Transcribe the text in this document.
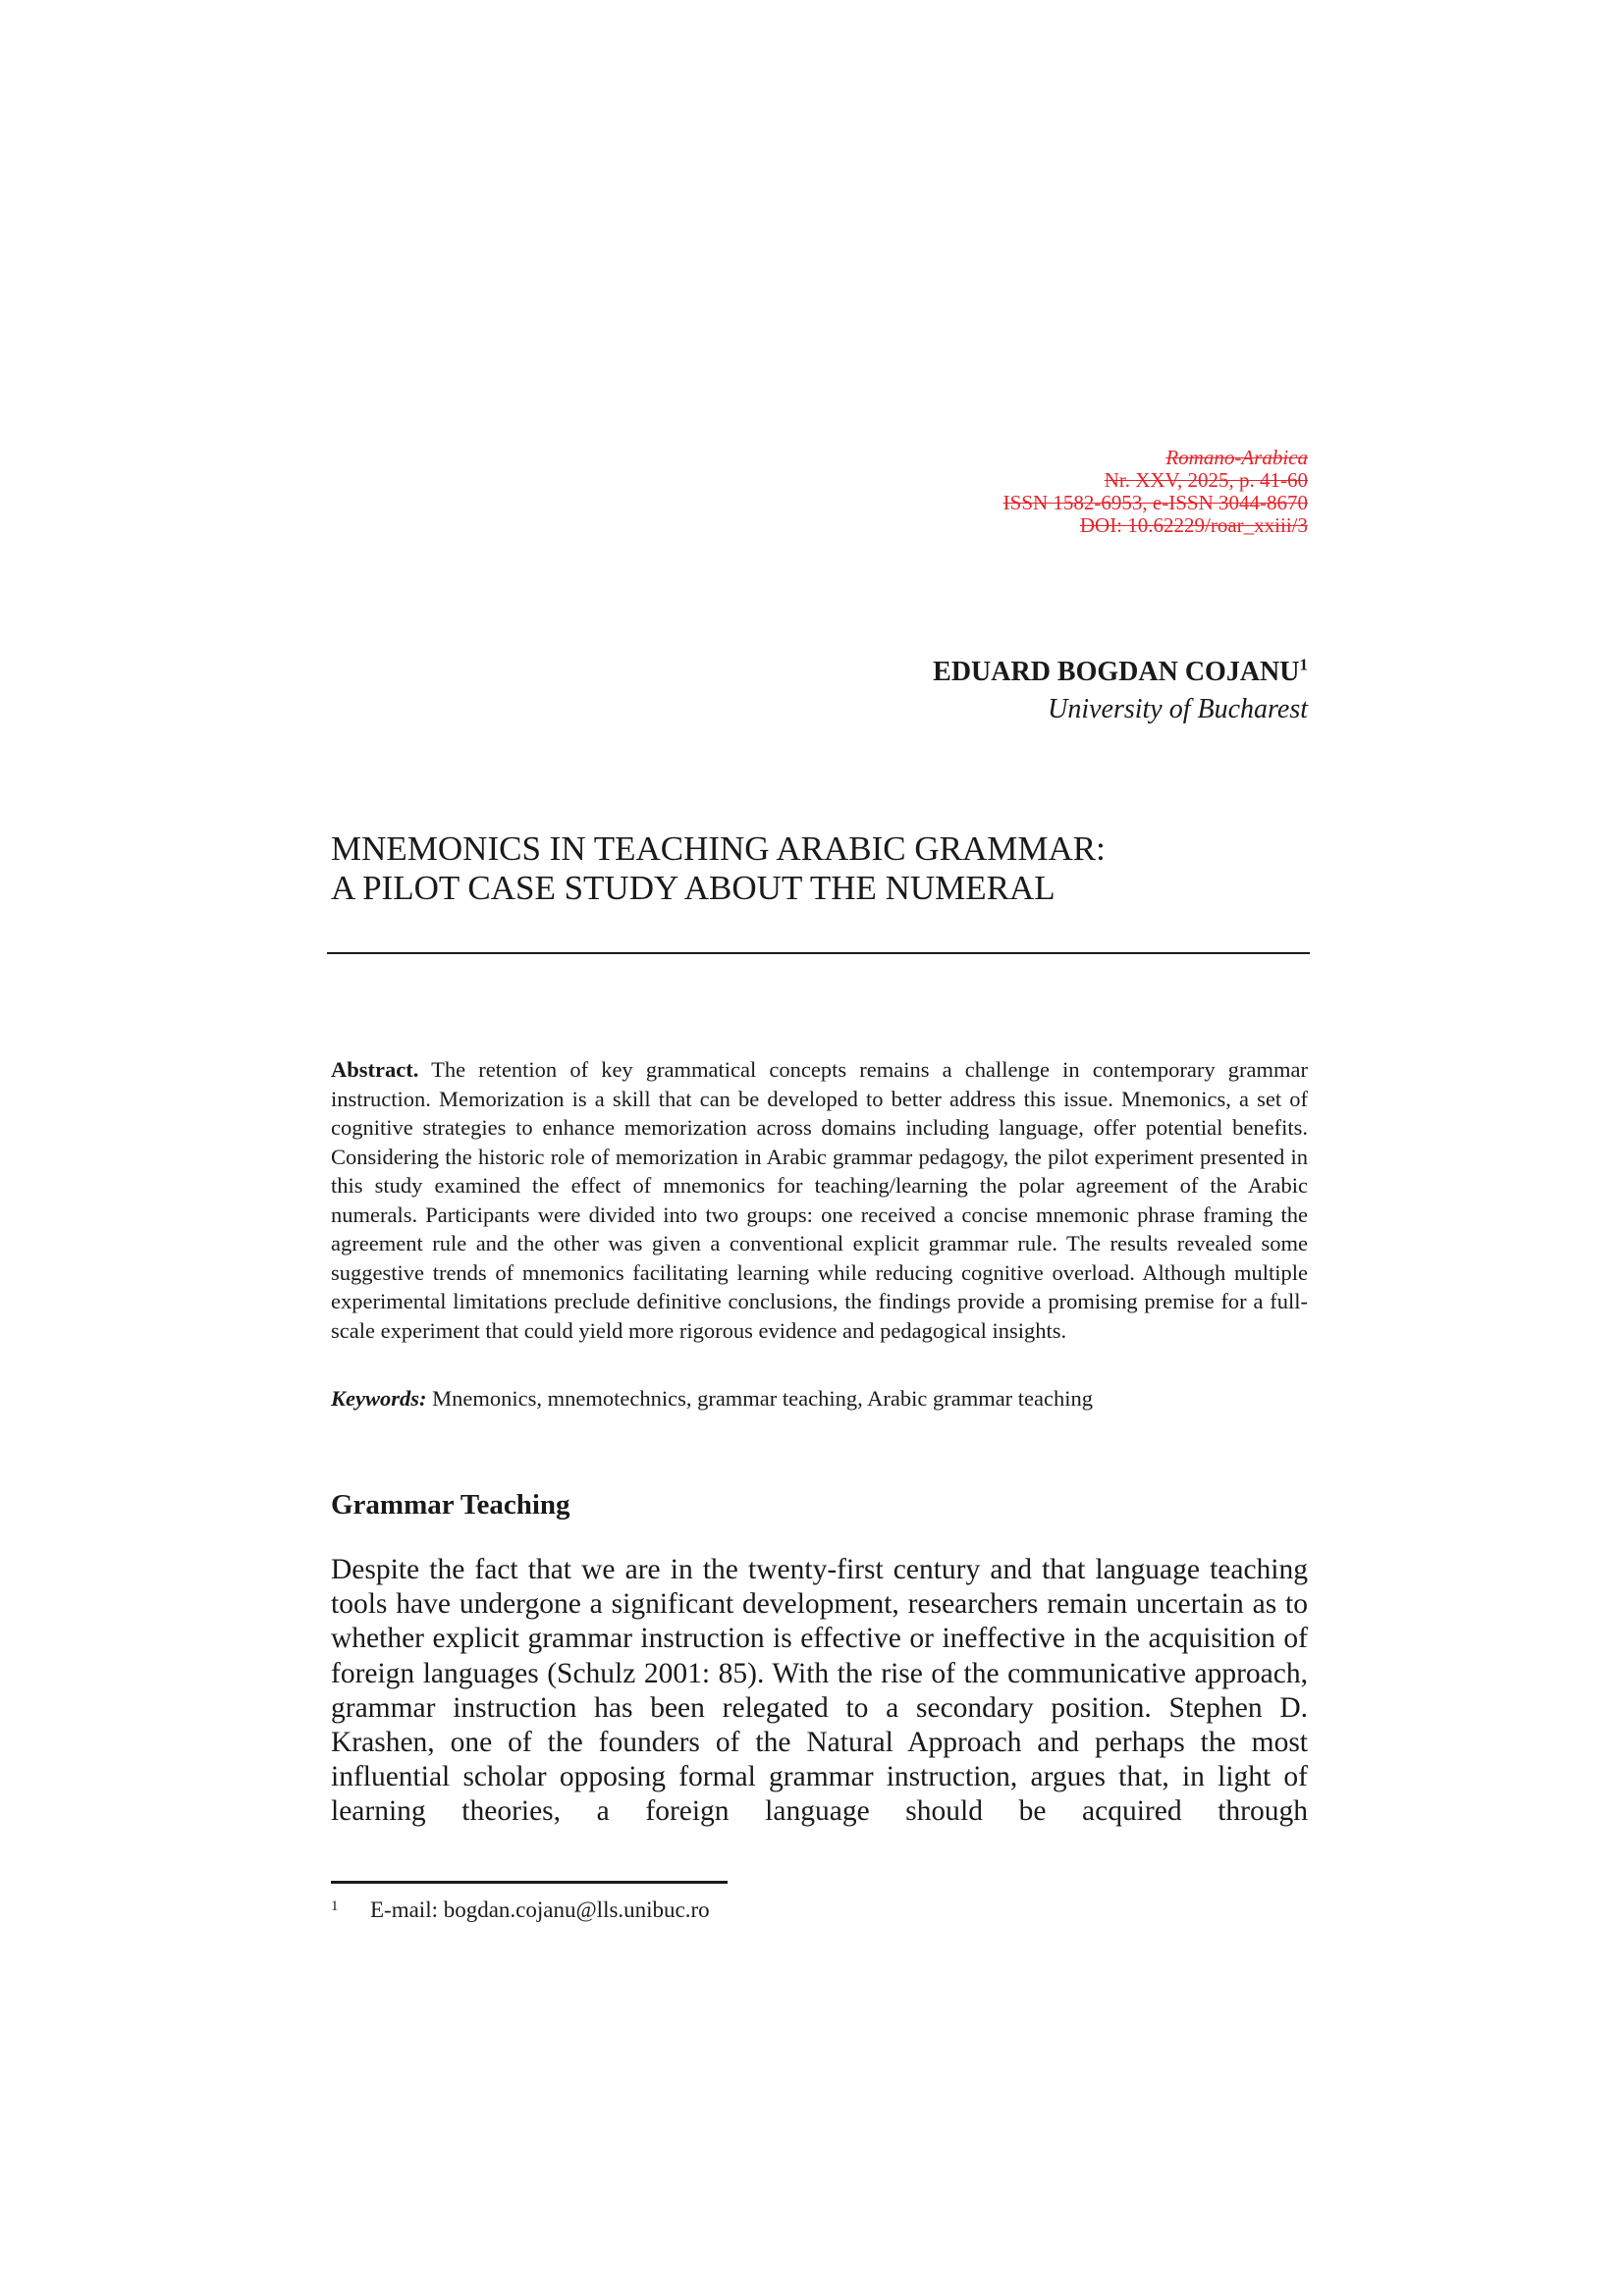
Romano-Arabica
Nr. XXV, 2025, p. 41-60
ISSN 1582-6953, e-ISSN 3044-8670
DOI: 10.62229/roar_xxiii/3
EDUARD BOGDAN COJANU$^1$
University of Bucharest
MNEMONICS IN TEACHING ARABIC GRAMMAR:
A PILOT CASE STUDY ABOUT THE NUMERAL
Abstract. The retention of key grammatical concepts remains a challenge in contemporary grammar instruction. Memorization is a skill that can be developed to better address this issue. Mnemonics, a set of cognitive strategies to enhance memorization across domains including language, offer potential benefits. Considering the historic role of memorization in Arabic grammar pedagogy, the pilot experiment presented in this study examined the effect of mnemonics for teaching/learning the polar agreement of the Arabic numerals. Participants were divided into two groups: one received a concise mnemonic phrase framing the agreement rule and the other was given a conventional explicit grammar rule. The results revealed some suggestive trends of mnemonics facilitating learning while reducing cognitive overload. Although multiple experimental limitations preclude definitive conclusions, the findings provide a promising premise for a full-scale experiment that could yield more rigorous evidence and pedagogical insights.
Keywords: Mnemonics, mnemotechnics, grammar teaching, Arabic grammar teaching
Grammar Teaching
Despite the fact that we are in the twenty-first century and that language teaching tools have undergone a significant development, researchers remain uncertain as to whether explicit grammar instruction is effective or ineffective in the acquisition of foreign languages (Schulz 2001: 85). With the rise of the communicative approach, grammar instruction has been relegated to a secondary position. Stephen D. Krashen, one of the founders of the Natural Approach and perhaps the most influential scholar opposing formal grammar instruction, argues that, in light of learning theories, a foreign language should be acquired through
1 E-mail: bogdan.cojanu@lls.unibuc.ro
